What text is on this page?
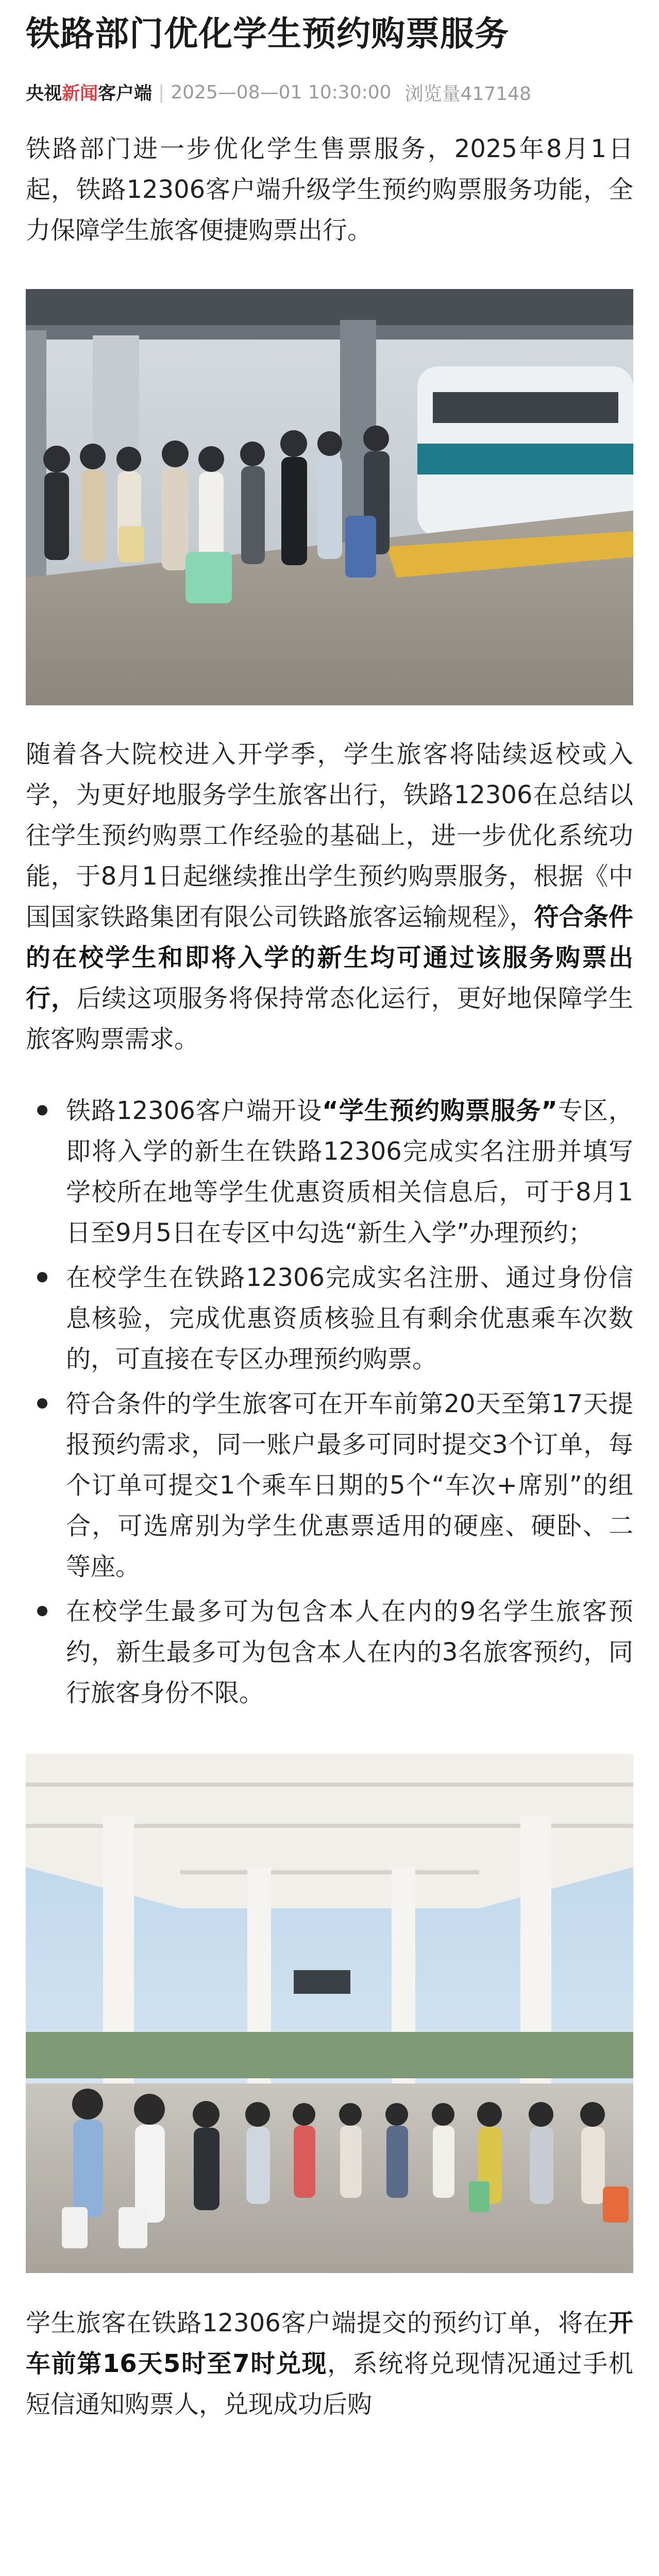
铁路部门优化学生预约购票服务
央视新闻客户端 | 2025—08—01 10:30:00 浏览量417148

铁路部门进一步优化学生售票服务，2025年8月1日起，铁路12306客户端升级学生预约购票服务功能，全力保障学生旅客便捷购票出行。

随着各大院校进入开学季，学生旅客将陆续返校或入学，为更好地服务学生旅客出行，铁路12306在总结以往学生预约购票工作经验的基础上，进一步优化系统功能，于8月1日起继续推出学生预约购票服务，根据《中国国家铁路集团有限公司铁路旅客运输规程》，符合条件的在校学生和即将入学的新生均可通过该服务购票出行，后续这项服务将保持常态化运行，更好地保障学生旅客购票需求。

铁路12306客户端开设“学生预约购票服务”专区，即将入学的新生在铁路12306完成实名注册并填写学校所在地等学生优惠资质相关信息后，可于8月1日至9月5日在专区中勾选“新生入学”办理预约；
在校学生在铁路12306完成实名注册、通过身份信息核验，完成优惠资质核验且有剩余优惠乘车次数的，可直接在专区办理预约购票。
符合条件的学生旅客可在开车前第20天至第17天提报预约需求，同一账户最多可同时提交3个订单，每个订单可提交1个乘车日期的5个“车次+席别”的组合，可选席别为学生优惠票适用的硬座、硬卧、二等座。
在校学生最多可为包含本人在内的9名学生旅客预约，新生最多可为包含本人在内的3名旅客预约，同行旅客身份不限。

学生旅客在铁路12306客户端提交的预约订单，将在开车前第16天5时至7时兑现，系统将兑现情况通过手机短信通知购票人，兑现成功后购
